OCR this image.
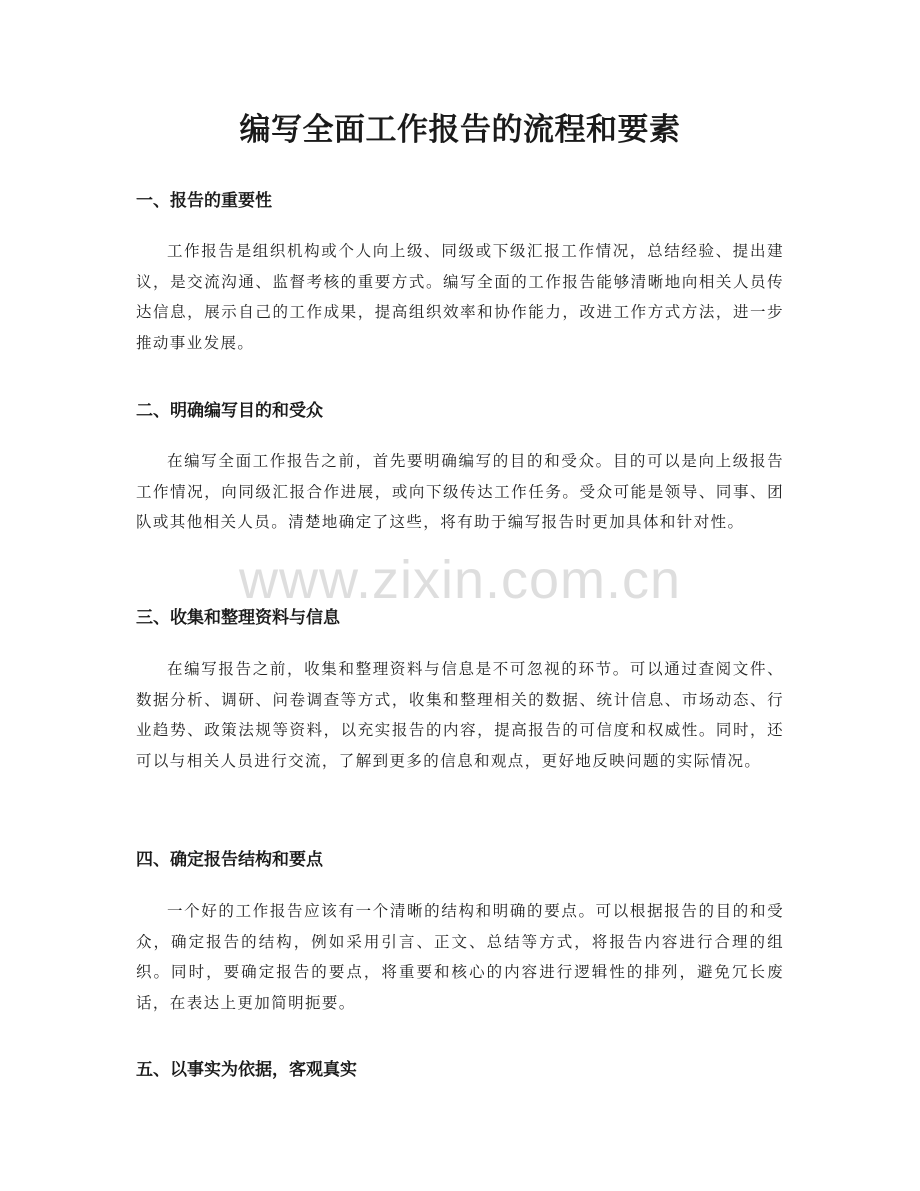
编写全面工作报告的流程和要素
一、报告的重要性

工作报告是组织机构或个人向上级、同级或下级汇报工作情况，总结经验、提出建议，是交流沟通、监督考核的重要方式。编写全面的工作报告能够清晰地向相关人员传达信息，展示自己的工作成果，提高组织效率和协作能力，改进工作方式方法，进一步推动事业发展。

二、明确编写目的和受众

在编写全面工作报告之前，首先要明确编写的目的和受众。目的可以是向上级报告工作情况，向同级汇报合作进展，或向下级传达工作任务。受众可能是领导、同事、团队或其他相关人员。清楚地确定了这些，将有助于编写报告时更加具体和针对性。

三、收集和整理资料与信息

在编写报告之前，收集和整理资料与信息是不可忽视的环节。可以通过查阅文件、数据分析、调研、问卷调查等方式，收集和整理相关的数据、统计信息、市场动态、行业趋势、政策法规等资料，以充实报告的内容，提高报告的可信度和权威性。同时，还可以与相关人员进行交流，了解到更多的信息和观点，更好地反映问题的实际情况。

四、确定报告结构和要点

一个好的工作报告应该有一个清晰的结构和明确的要点。可以根据报告的目的和受众，确定报告的结构，例如采用引言、正文、总结等方式，将报告内容进行合理的组织。同时，要确定报告的要点，将重要和核心的内容进行逻辑性的排列，避免冗长废话，在表达上更加简明扼要。

五、以事实为依据，客观真实
www.zixin.com.cn
